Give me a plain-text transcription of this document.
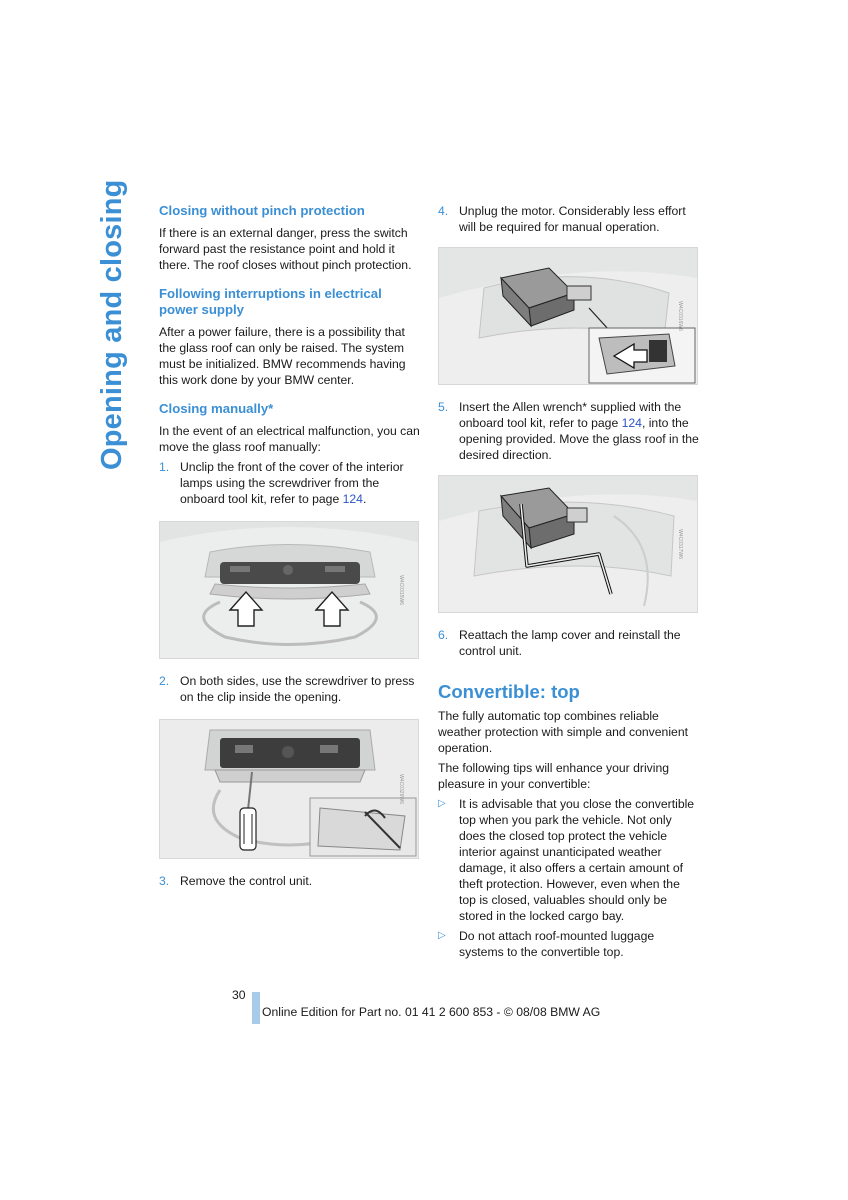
Opening and closing Closing without pinch protection
If there is an external danger, press the switch forward past the resistance point and hold it there. The roof closes without pinch protection.
Following interruptions in electrical power supply
After a power failure, there is a possibility that the glass roof can only be raised. The system must be initialized. BMW recommends having this work done by your BMW center.
Closing manually*
In the event of an electrical malfunction, you can move the glass roof manually:
1. Unclip the front of the cover of the interior lamps using the screwdriver from the onboard tool kit, refer to page 124.
W4C0315W6
2. On both sides, use the screwdriver to press on the clip inside the opening.
W4C0326W6
3. Remove the control unit.
4. Unplug the motor. Considerably less effort will be required for manual operation.
W4C0316W6
5. Insert the Allen wrench* supplied with the onboard tool kit, refer to page 124, into the opening provided. Move the glass roof in the desired direction.
W4C0317W6
6. Reattach the lamp cover and reinstall the control unit.
Convertible: top
The fully automatic top combines reliable weather protection with simple and convenient operation.
The following tips will enhance your driving pleasure in your convertible:
▷	It is advisable that you close the convertible top when you park the vehicle. Not only does the closed top protect the vehicle interior against unanticipated weather damage, it also offers a certain amount of theft protection. However, even when the top is closed, valuables should only be stored in the locked cargo bay.
▷	Do not attach roof-mounted luggage systems to the convertible top.
30
Online Edition for Part no. 01 41 2 600 853 - © 08/08 BMW AG
